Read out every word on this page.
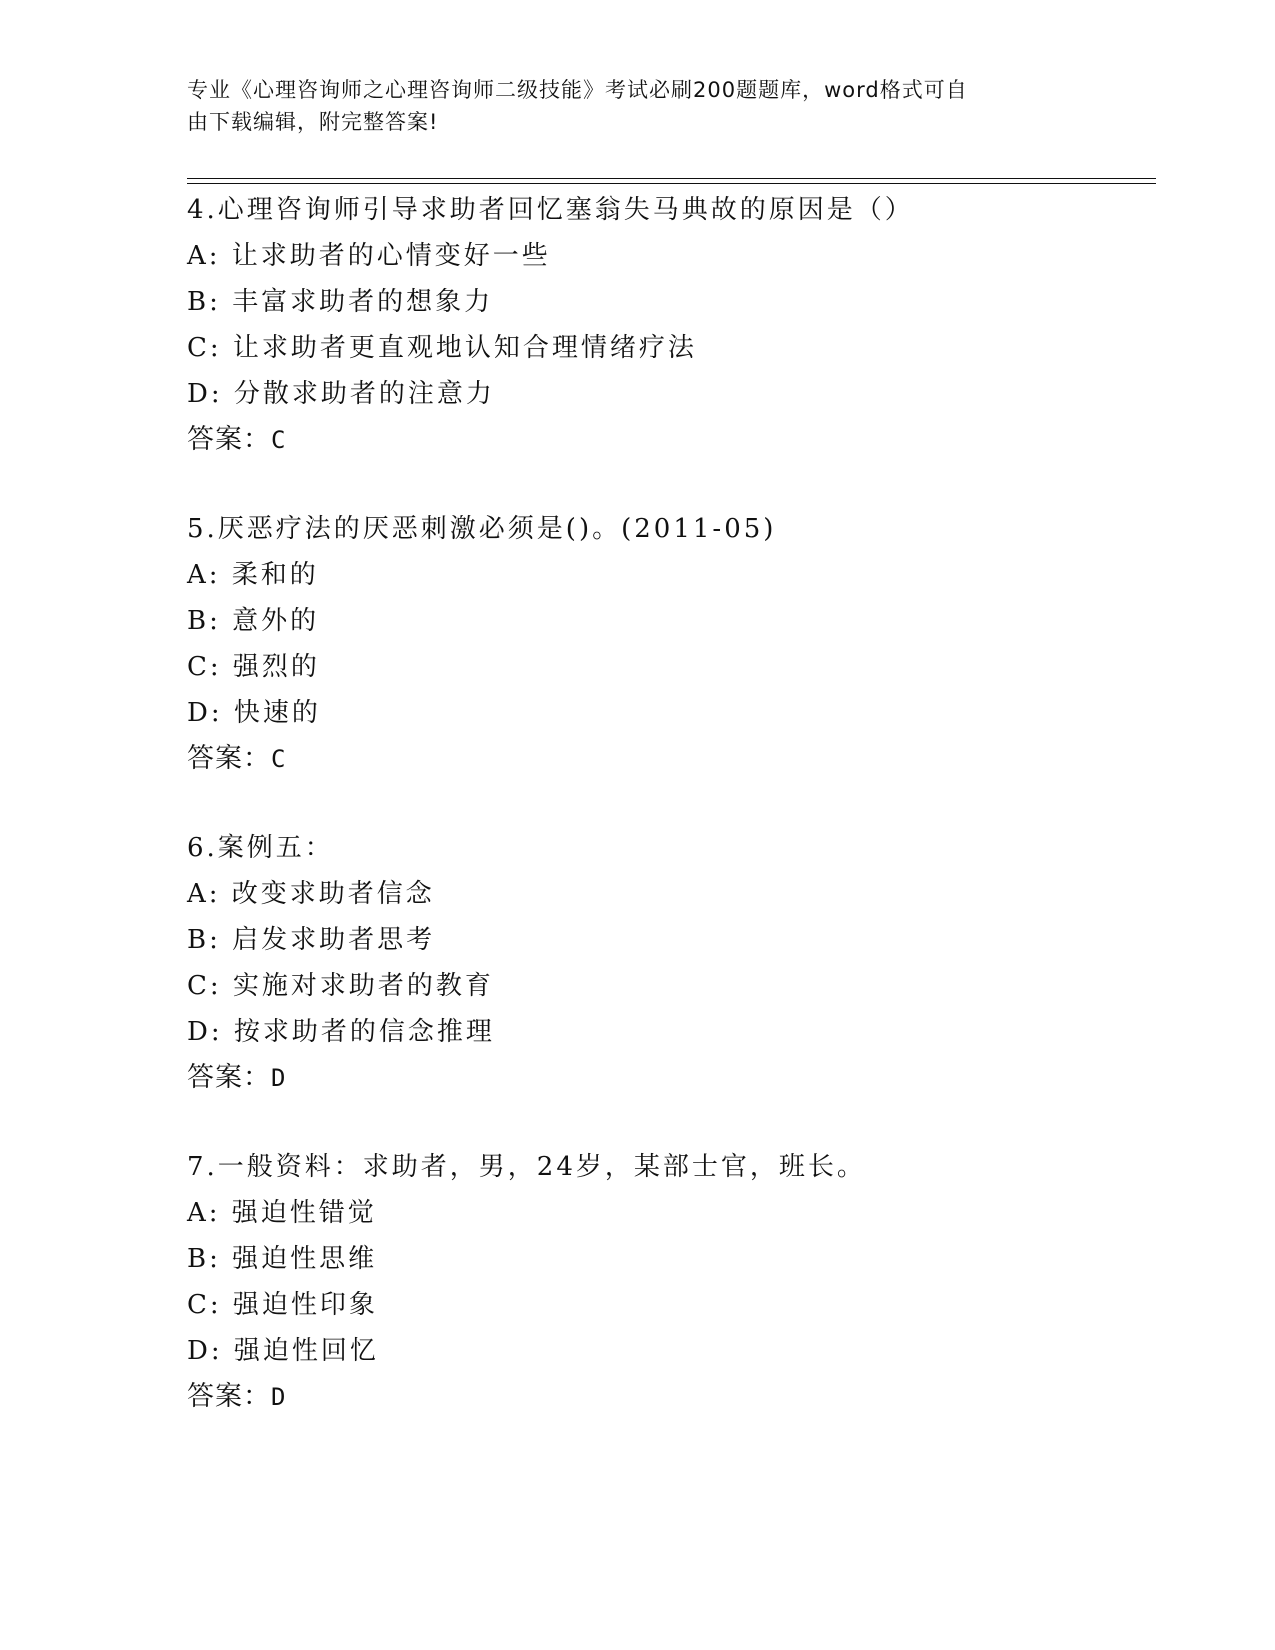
专业《心理咨询师之心理咨询师二级技能》考试必刷200题题库，word格式可自
由下载编辑，附完整答案!
4.心理咨询师引导求助者回忆塞翁失马典故的原因是（）
A: 让求助者的心情变好一些
B: 丰富求助者的想象力
C: 让求助者更直观地认知合理情绪疗法
D: 分散求助者的注意力
答案：C
5.厌恶疗法的厌恶刺激必须是()。(2011-05)
A: 柔和的
B: 意外的
C: 强烈的
D: 快速的
答案：C
6.案例五：
A: 改变求助者信念
B: 启发求助者思考
C: 实施对求助者的教育
D: 按求助者的信念推理
答案：D
7.一般资料：求助者，男，24岁，某部士官，班长。
A: 强迫性错觉
B: 强迫性思维
C: 强迫性印象
D: 强迫性回忆
答案：D
